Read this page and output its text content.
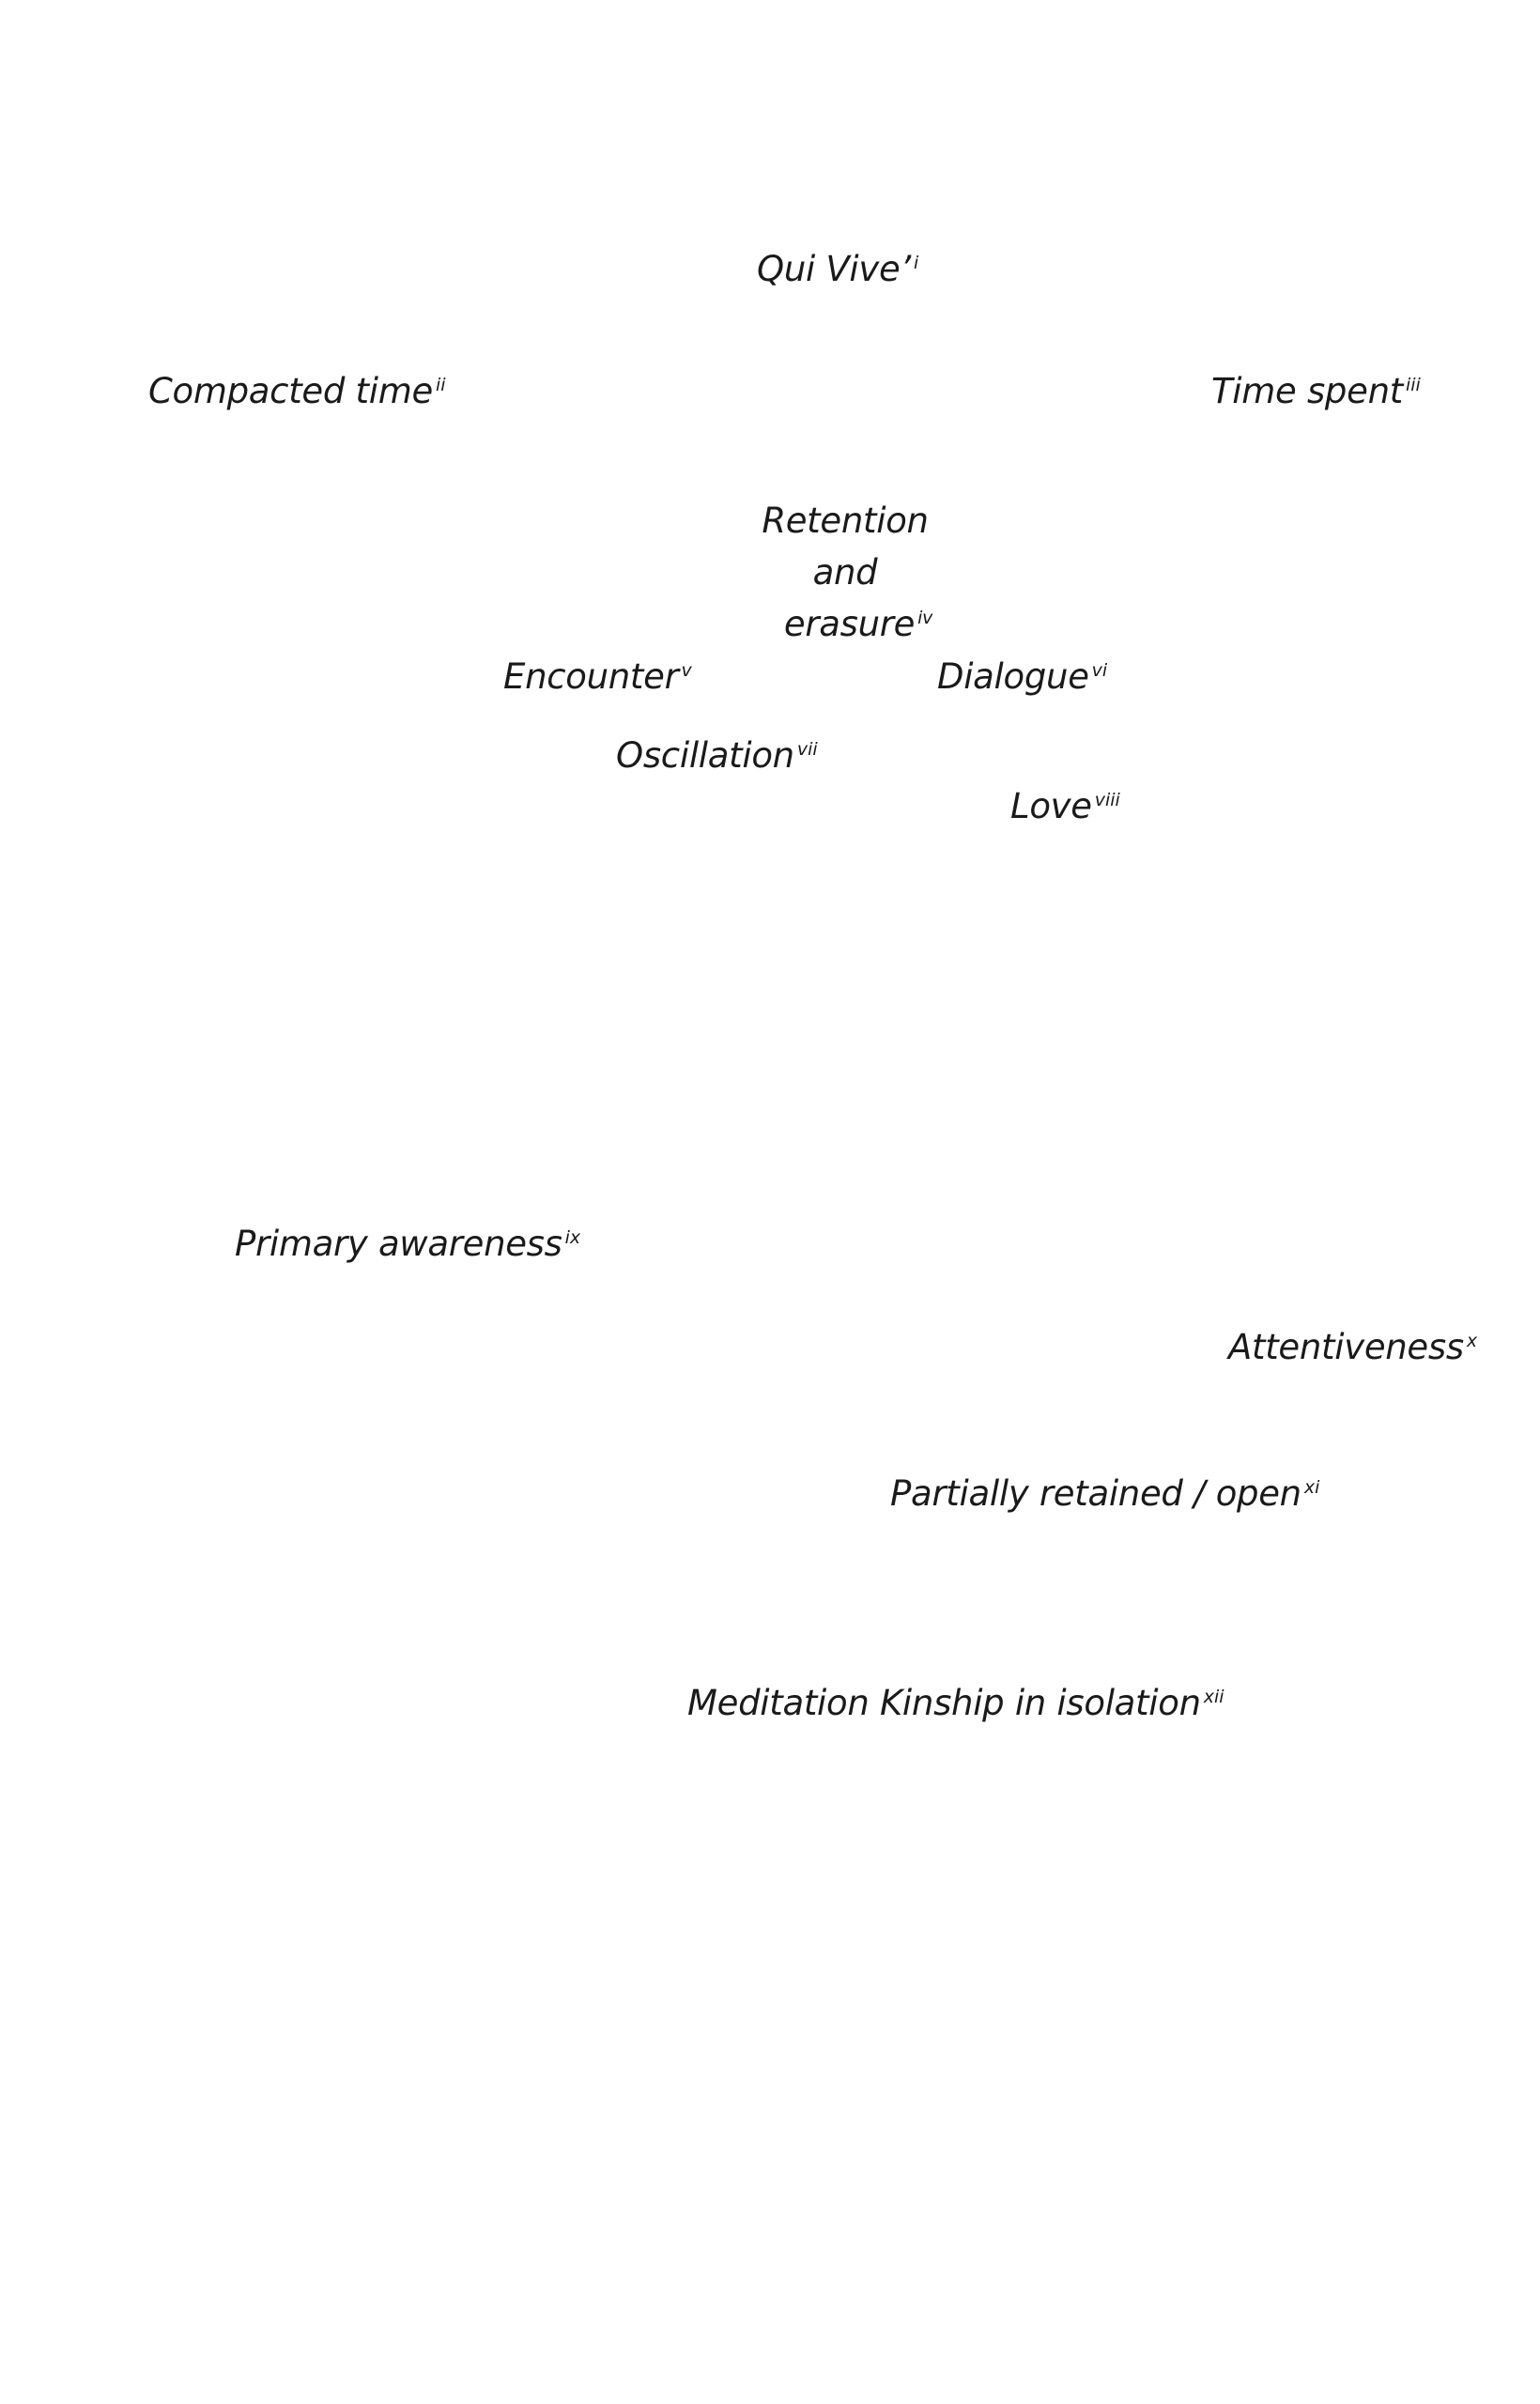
Qui Vive’ $^i$
Compacted time $^{ii}$	Time spent $^{iii}$
Retention
and
erasure $^{iv}$
Encounter $^v$	Dialogue $^{vi}$
Oscillation $^{vii}$
Love $^{viii}$
Primary awareness $^{ix}$
Attentiveness $^x$
Partially retained / open $^{xi}$
Meditation Kinship in isolation $^{xii}$
